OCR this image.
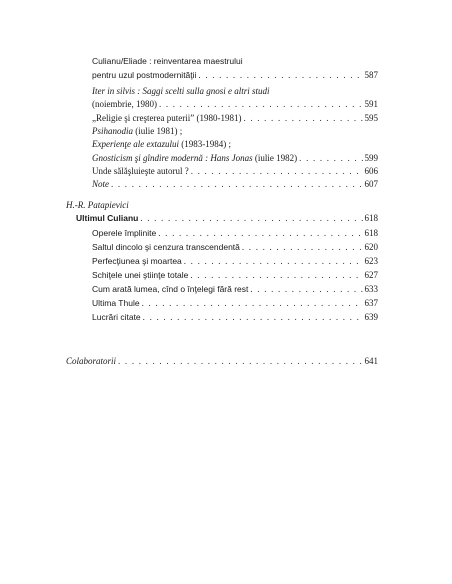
Culianu/Eliade : reinventarea maestrului
pentru uzul postmodernităţii . . .	587
Iter in silvis : Saggi scelti sulla gnosi e altri studi
(noiembrie, 1980) . . .	591
„Religie şi creşterea puterii” (1980-1981) . . .	595
Psihanodia (iulie 1981) ;
Experienţe ale extazului (1983-1984) ;
Gnosticism şi gîndire modernă : Hans Jonas (iulie 1982) . . .	599
Unde sălăşluieşte autorul ? . . .	606
Note . . .	607
H.-R. Patapievici
Ultimul Culianu . . .	618
Operele împlinite . . .	618
Saltul dincolo şi cenzura transcendentă . . .	620
Perfecţiunea şi moartea . . .	623
Schiţele unei ştiinţe totale . . .	627
Cum arată lumea, cînd o înţelegi fără rest . . .	633
Ultima Thule . . .	637
Lucrări citate . . .	639
Colaboratorii . . .	641
